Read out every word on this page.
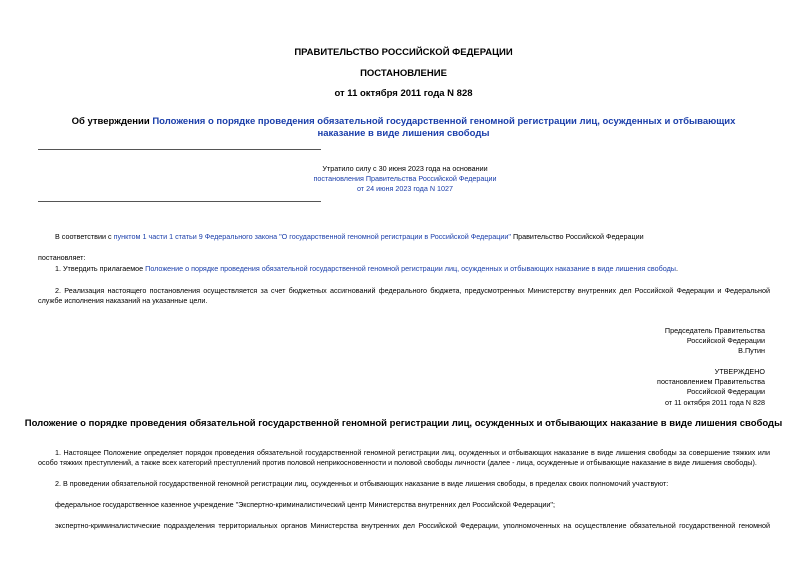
ПРАВИТЕЛЬСТВО РОССИЙСКОЙ ФЕДЕРАЦИИ
ПОСТАНОВЛЕНИЕ
от 11 октября 2011 года N 828
Об утверждении Положения о порядке проведения обязательной государственной геномной регистрации лиц, осужденных и отбывающих наказание в виде лишения свободы
Утратило силу с 30 июня 2023 года на основании
постановления Правительства Российской Федерации
от 24 июня 2023 года N 1027
В соответствии с пунктом 1 части 1 статьи 9 Федерального закона "О государственной геномной регистрации в Российской Федерации" Правительство Российской Федерации
постановляет:
1. Утвердить прилагаемое Положение о порядке проведения обязательной государственной геномной регистрации лиц, осужденных и отбывающих наказание в виде лишения свободы.
2. Реализация настоящего постановления осуществляется за счет бюджетных ассигнований федерального бюджета, предусмотренных Министерству внутренних дел Российской Федерации и Федеральной службе исполнения наказаний на указанные цели.
Председатель Правительства
Российской Федерации
В.Путин
УТВЕРЖДЕНО
постановлением Правительства
Российской Федерации
от 11 октября 2011 года N 828
Положение о порядке проведения обязательной государственной геномной регистрации лиц, осужденных и отбывающих наказание в виде лишения свободы
1. Настоящее Положение определяет порядок проведения обязательной государственной геномной регистрации лиц, осужденных и отбывающих наказание в виде лишения свободы за совершение тяжких или особо тяжких преступлений, а также всех категорий преступлений против половой неприкосновенности и половой свободы личности (далее - лица, осужденные и отбывающие наказание в виде лишения свободы).
2. В проведении обязательной государственной геномной регистрации лиц, осужденных и отбывающих наказание в виде лишения свободы, в пределах своих полномочий участвуют:
федеральное государственное казенное учреждение "Экспертно-криминалистический центр Министерства внутренних дел Российской Федерации";
экспертно-криминалистические подразделения территориальных органов Министерства внутренних дел Российской Федерации, уполномоченных на осуществление обязательной государственной геномной
